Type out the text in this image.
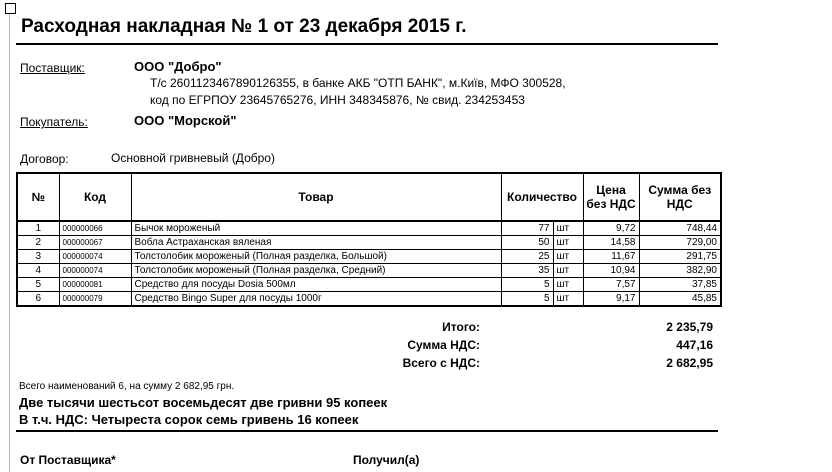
Расходная накладная № 1 от 23 декабря 2015 г.
Поставщик:	ООО "Добро"
Т/с 260112346789012635​5, в банке АКБ "ОТП БАНК", м.Київ, МФО 300528,
код по ЕГРПОУ 23645765276, ИНН 348345876, № свид. 234253453
Покупатель:	ООО "Морской"
Договор:	Основной гривневый (Добро)
№	Код	Товар	Количество		Цена без НДС	Сумма без НДС
1	000000066	Бычок мороженый	77	шт	9,72	748,44
2	000000067	Вобла Астраханская вяленая	50	шт	14,58	729,00
3	000000074	Толстолобик мороженый (Полная разделка, Большой)	25	шт	11,67	291,75
4	000000074	Толстолобик мороженый (Полная разделка, Средний)	35	шт	10,94	382,90
5	000000081	Средство для посуды Dosia 500мл	5	шт	7,57	37,85
6	000000079	Средство Bingo Super для посуды 1000г	5	шт	9,17	45,85
Итого:	2 235,79
Сумма НДС:	447,16
Всего с НДС:	2 682,95
Всего наименований 6, на сумму 2 682,95 грн.
Две тысячи шестьсот восемьдесят две гривни 95 копеек
В т.ч. НДС: Четыреста сорок семь гривень 16 копеек
От Поставщика*	Получил(а)
